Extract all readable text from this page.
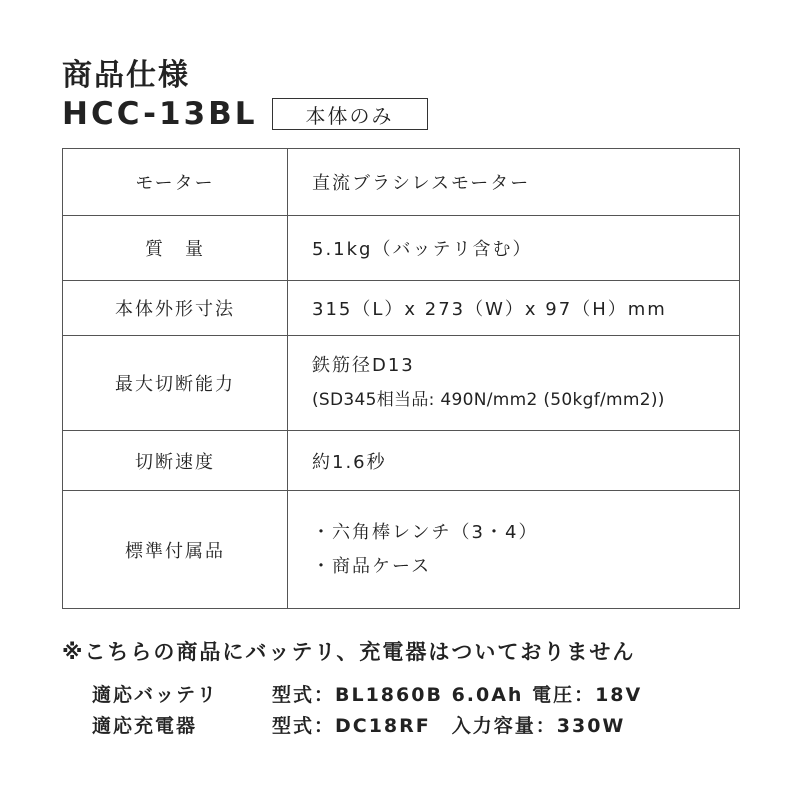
商品仕様
HCC-13BL	本体のみ
モーター	直流ブラシレスモーター
質　量	5.1kg（バッテリ含む）
本体外形寸法	315（L）x 273（W）x 97（H）mm
最大切断能力	鉄筋径D13
(SD345相当品: 490N/mm2 (50kgf/mm2))

切断速度	約1.6秒
標準付属品	・六角棒レンチ（3・4）
・商品ケース
※こちらの商品にバッテリ、充電器はついておりません
適応バッテリ	型式：BL1860B 6.0Ah 電圧：18V
適応充電器	型式：DC18RF　入力容量：330W
